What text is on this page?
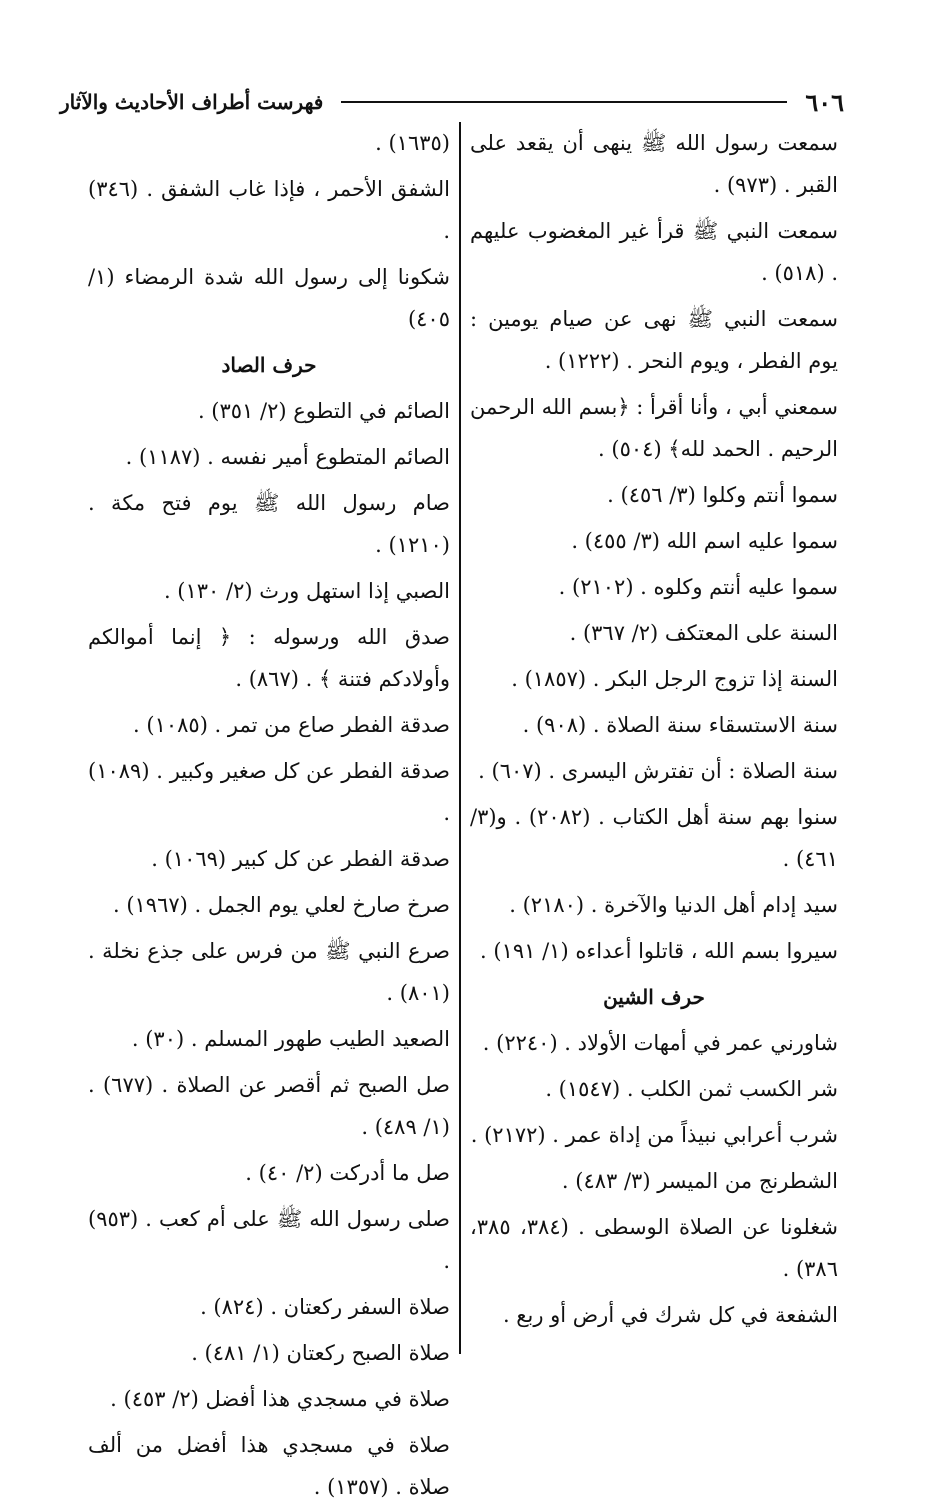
٦٠٦
فهرست أطراف الأحاديث والآثار

سمعت رسول الله ﷺ ينهى أن يقعد على القبر . (٩٧٣) .

سمعت النبي ﷺ قرأ غير المغضوب عليهم . (٥١٨) .

سمعت النبي ﷺ نهى عن صيام يومين : يوم الفطر ، ويوم النحر . (١٢٢٢) .

سمعني أبي ، وأنا أقرأ : ﴿بسم الله الرحمن الرحيم . الحمد لله﴾ (٥٠٤) .

سموا أنتم وكلوا (٣/ ٤٥٦) .

سموا عليه اسم الله (٣/ ٤٥٥) .

سموا عليه أنتم وكلوه . (٢١٠٢) .

السنة على المعتكف (٢/ ٣٦٧) .

السنة إذا تزوج الرجل البكر . (١٨٥٧) .

سنة الاستسقاء سنة الصلاة . (٩٠٨) .

سنة الصلاة : أن تفترش اليسرى . (٦٠٧) .

سنوا بهم سنة أهل الكتاب . (٢٠٨٢) . و(٣/ ٤٦١) .

سيد إدام أهل الدنيا والآخرة . (٢١٨٠) .

سيروا بسم الله ، قاتلوا أعداءه (١/ ١٩١) .

حرف الشين

شاورني عمر في أمهات الأولاد . (٢٢٤٠) .

شر الكسب ثمن الكلب . (١٥٤٧) .

شرب أعرابي نبيذاً من إداة عمر . (٢١٧٢) .

الشطرنج من الميسر (٣/ ٤٨٣) .

شغلونا عن الصلاة الوسطى . (٣٨٤، ٣٨٥، ٣٨٦) .

الشفعة في كل شرك في أرض أو ربع .

(١٦٣٥) .

الشفق الأحمر ، فإذا غاب الشفق . (٣٤٦) .

شكونا إلى رسول الله شدة الرمضاء (١/ ٤٠٥)

حرف الصاد

الصائم في التطوع (٢/ ٣٥١) .

الصائم المتطوع أمير نفسه . (١١٨٧) .

صام رسول الله ﷺ يوم فتح مكة . (١٢١٠) .

الصبي إذا استهل ورث (٢/ ١٣٠) .

صدق الله ورسوله : ﴿ إنما أموالكم وأولادكم فتنة ﴾ . (٨٦٧) .

صدقة الفطر صاع من تمر . (١٠٨٥) .

صدقة الفطر عن كل صغير وكبير . (١٠٨٩) .

صدقة الفطر عن كل كبير (١٠٦٩) .

صرخ صارخ لعلي يوم الجمل . (١٩٦٧) .

صرع النبي ﷺ من فرس على جذع نخلة . (٨٠١) .

الصعيد الطيب طهور المسلم . (٣٠) .

صل الصبح ثم أقصر عن الصلاة . (٦٧٧) . (١/ ٤٨٩) .

صل ما أدركت (٢/ ٤٠) .

صلى رسول الله ﷺ على أم كعب . (٩٥٣) .

صلاة السفر ركعتان . (٨٢٤) .

صلاة الصبح ركعتان (١/ ٤٨١) .

صلاة في مسجدي هذا أفضل (٢/ ٤٥٣) .

صلاة في مسجدي هذا أفضل من ألف صلاة . (١٣٥٧) .
